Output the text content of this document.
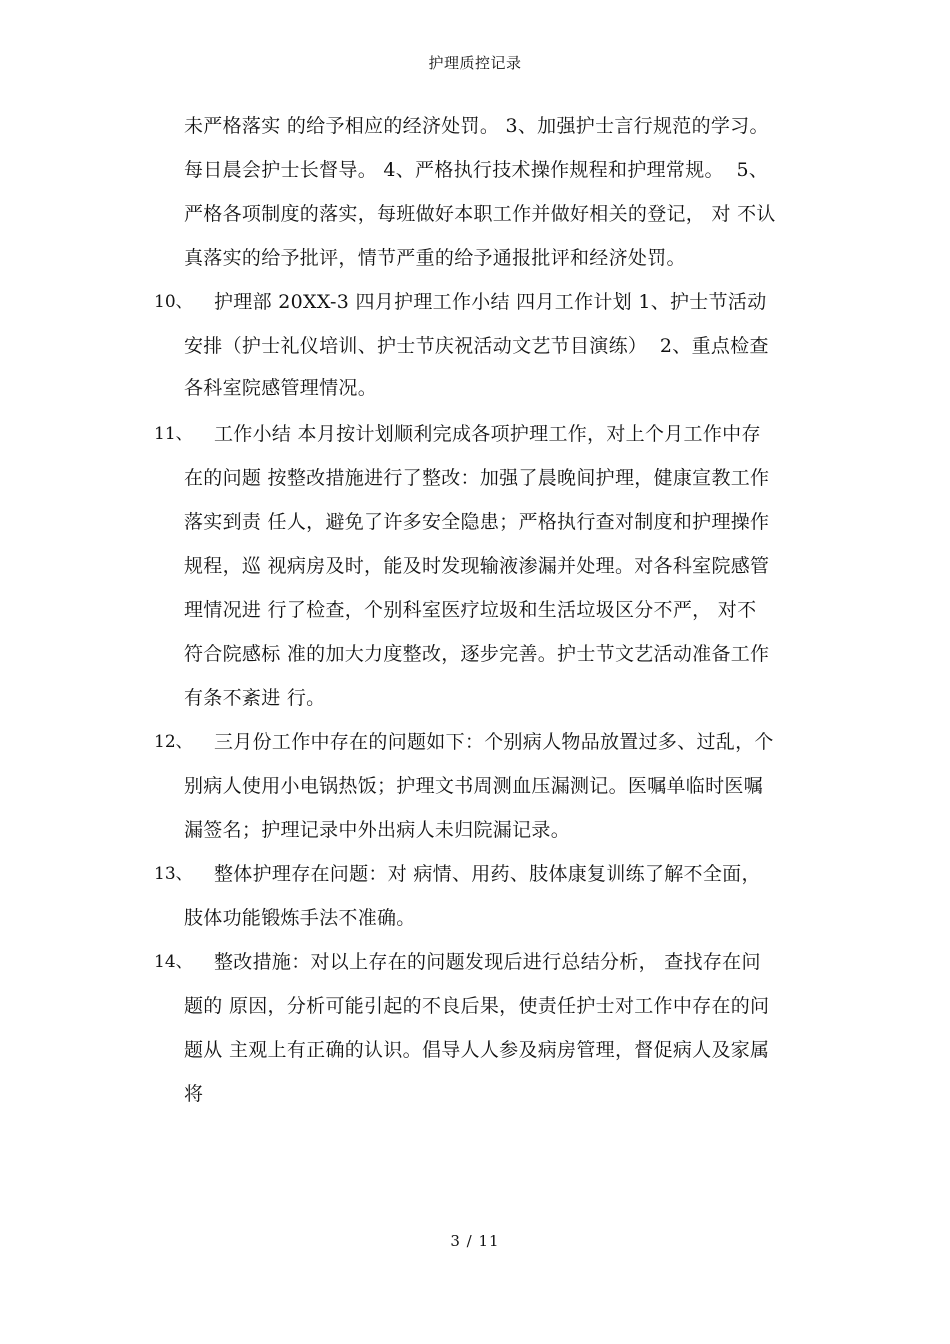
护理质控记录
未严格落实 的给予相应的经济处罚。 3、加强护士言行规范的学习。
每日晨会护士长督导。 4、严格执行技术操作规程和护理常规。  5、
严格各项制度的落实，每班做好本职工作并做好相关的登记， 对 不认
真落实的给予批评，情节严重的给予通报批评和经济处罚。
10、 护理部 20XX-3 四月护理工作小结 四月工作计划 1、护士节活动
安排（护士礼仪培训、护士节庆祝活动文艺节目演练）  2、重点检查
各科室院感管理情况。
11、 工作小结 本月按计划顺利完成各项护理工作，对上个月工作中存
在的问题 按整改措施进行了整改：加强了晨晚间护理，健康宣教工作
落实到责 任人，避免了许多安全隐患；严格执行查对制度和护理操作
规程，巡 视病房及时，能及时发现输液渗漏并处理。对各科室院感管
理情况进 行了检查，个别科室医疗垃圾和生活垃圾区分不严， 对不
符合院感标 准的加大力度整改，逐步完善。护士节文艺活动准备工作
有条不紊进 行。
12、 三月份工作中存在的问题如下：个别病人物品放置过多、过乱，个
别病人使用小电锅热饭；护理文书周测血压漏测记。医嘱单临时医嘱
漏签名；护理记录中外出病人未归院漏记录。
13、 整体护理存在问题：对 病情、用药、肢体康复训练了解不全面，
肢体功能锻炼手法不准确。
14、 整改措施：对以上存在的问题发现后进行总结分析， 查找存在问
题的 原因，分析可能引起的不良后果，使责任护士对工作中存在的问
题从 主观上有正确的认识。倡导人人参及病房管理，督促病人及家属
将
3 / 11
